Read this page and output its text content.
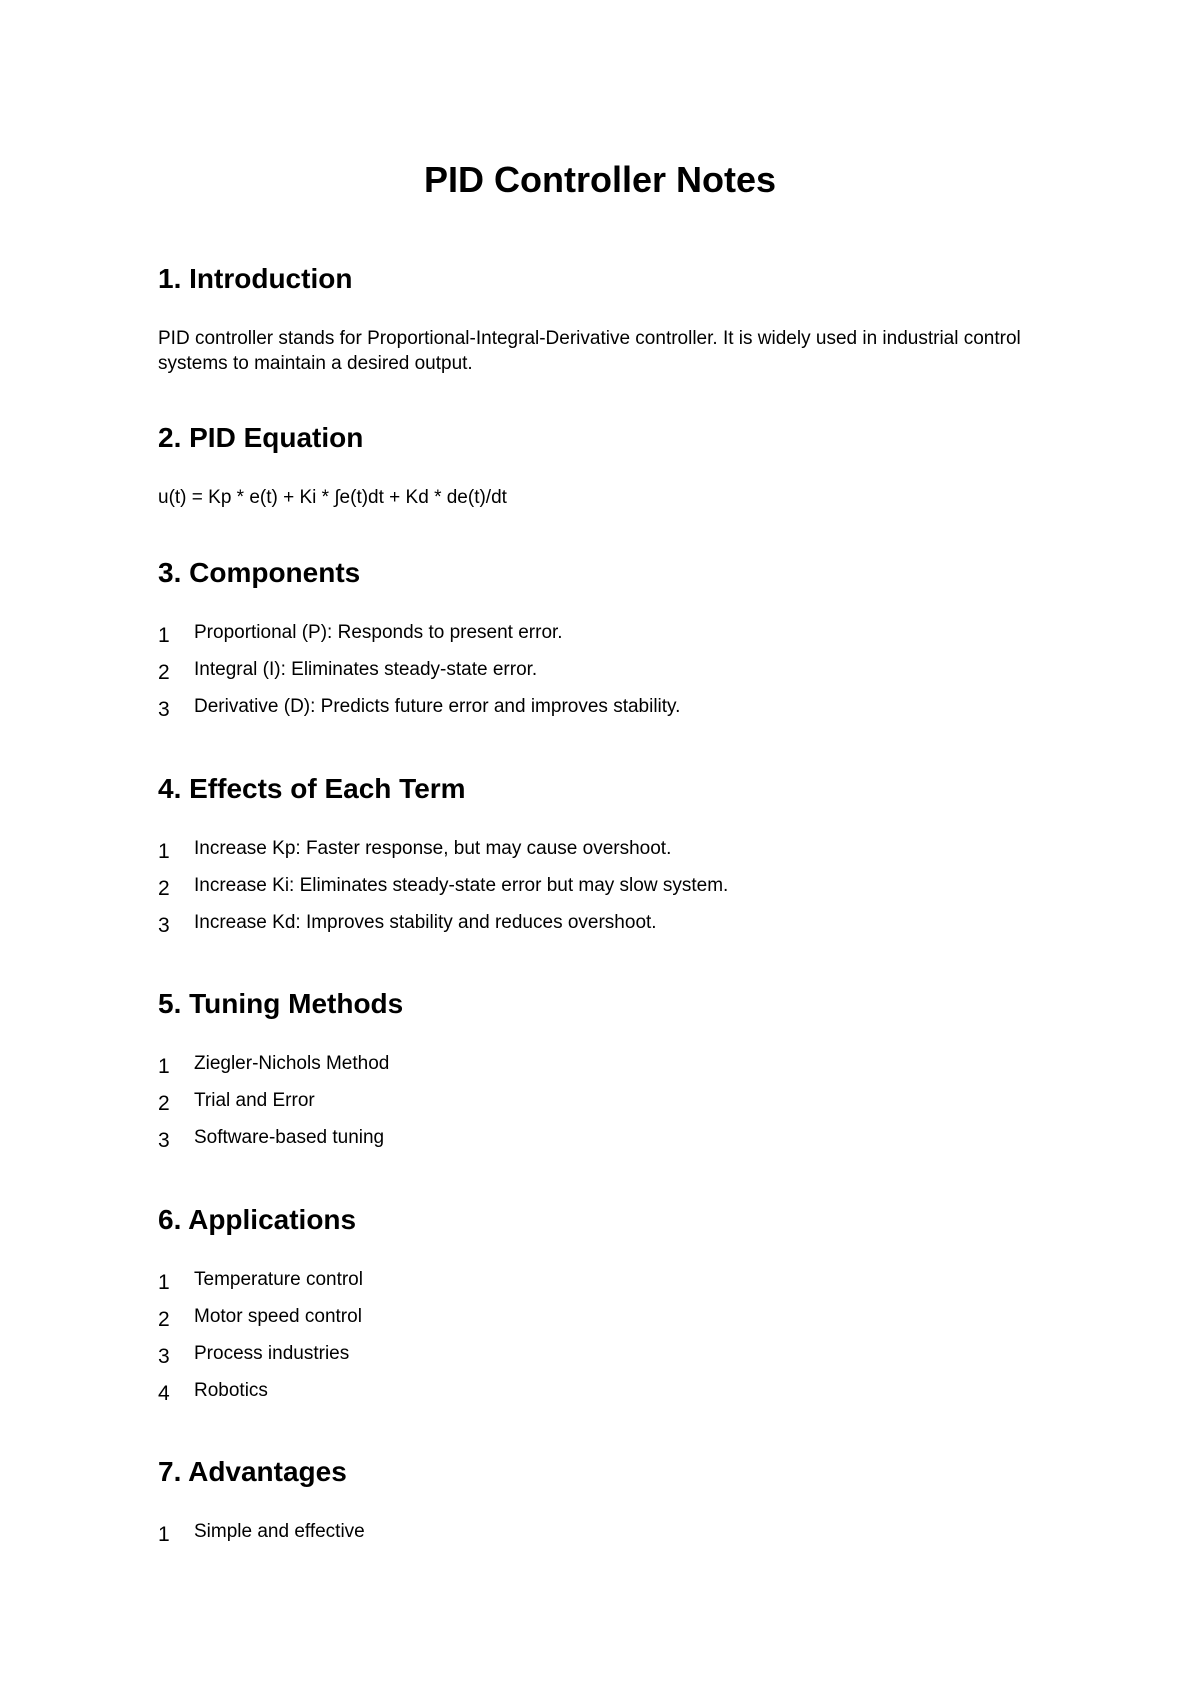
PID Controller Notes
1. Introduction

PID controller stands for Proportional-Integral-Derivative controller. It is widely used in industrial control systems to maintain a desired output.

2. PID Equation

u(t) = Kp * e(t) + Ki * ∫e(t)dt + Kd * de(t)/dt

3. Components
1 Proportional (P): Responds to present error.
2 Integral (I): Eliminates steady-state error.
3 Derivative (D): Predicts future error and improves stability.
4. Effects of Each Term
1 Increase Kp: Faster response, but may cause overshoot.
2 Increase Ki: Eliminates steady-state error but may slow system.
3 Increase Kd: Improves stability and reduces overshoot.
5. Tuning Methods
1 Ziegler-Nichols Method
2 Trial and Error
3 Software-based tuning
6. Applications
1 Temperature control
2 Motor speed control
3 Process industries
4 Robotics
7. Advantages
1 Simple and effective
